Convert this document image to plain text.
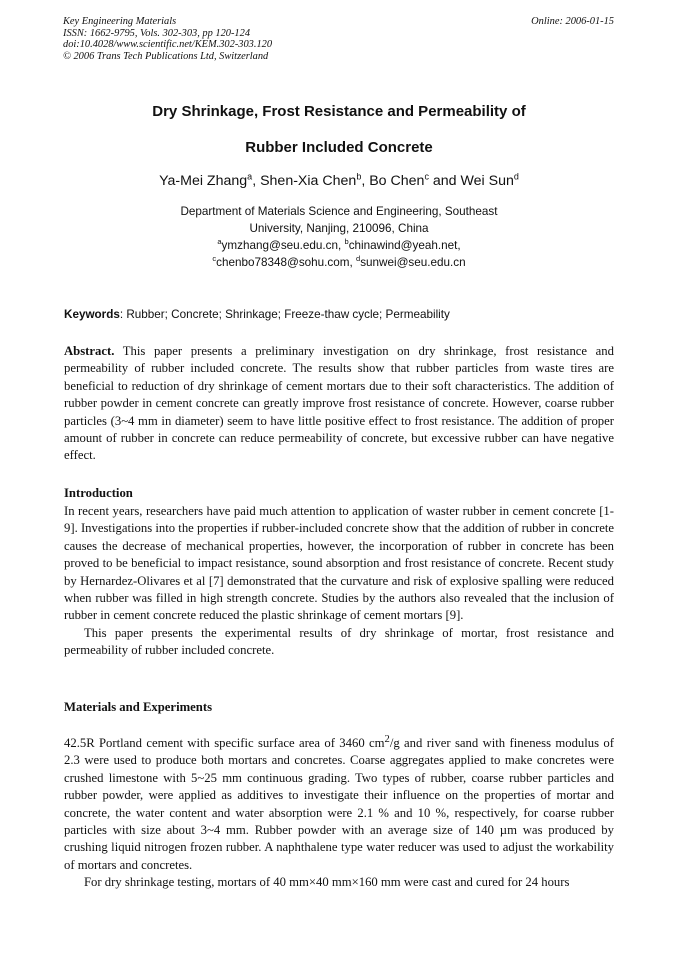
Key Engineering Materials
ISSN: 1662-9795, Vols. 302-303, pp 120-124
doi:10.4028/www.scientific.net/KEM.302-303.120
© 2006 Trans Tech Publications Ltd, Switzerland
Online: 2006-01-15
Dry Shrinkage, Frost Resistance and Permeability of
Rubber Included Concrete
Ya-Mei Zhang$^a$, Shen-Xia Chen$^b$, Bo Chen$^c$ and Wei Sun$^d$
Department of Materials Science and Engineering, Southeast
University, Nanjing, 210096, China
$^a$ymzhang@seu.edu.cn, $^b$chinawind@yeah.net,
$^c$chenbo78348@sohu.com, $^d$sunwei@seu.edu.cn
Keywords: Rubber; Concrete; Shrinkage; Freeze-thaw cycle; Permeability

Abstract. This paper presents a preliminary investigation on dry shrinkage, frost resistance and permeability of rubber included concrete. The results show that rubber particles from waste tires are beneficial to reduction of dry shrinkage of cement mortars due to their soft characteristics. The addition of rubber powder in cement concrete can greatly improve frost resistance of concrete. However, coarse rubber particles (3~4 mm in diameter) seem to have little positive effect to frost resistance. The addition of proper amount of rubber in concrete can reduce permeability of concrete, but excessive rubber can have negative effect.

Introduction

In recent years, researchers have paid much attention to application of waster rubber in cement concrete [1-9]. Investigations into the properties if rubber-included concrete show that the addition of rubber in concrete causes the decrease of mechanical properties, however, the incorporation of rubber in concrete has been proved to be beneficial to impact resistance, sound absorption and frost resistance of concrete. Recent study by Hernardez-Olivares et al [7] demonstrated that the curvature and risk of explosive spalling were reduced when rubber was filled in high strength concrete. Studies by the authors also revealed that the inclusion of rubber in cement concrete reduced the plastic shrinkage of cement mortars [9].

This paper presents the experimental results of dry shrinkage of mortar, frost resistance and permeability of rubber included concrete.

Materials and Experiments

42.5R Portland cement with specific surface area of 3460 $cm^2/g$ and river sand with fineness modulus of 2.3 were used to produce both mortars and concretes. Coarse aggregates applied to make concretes were crushed limestone with 5~25 mm continuous grading. Two types of rubber, coarse rubber particles and rubber powder, were applied as additives to investigate their influence on the properties of mortar and concrete, the water content and water absorption were 2.1 % and 10 %, respectively, for coarse rubber particles with size about 3~4 mm. Rubber powder with an average size of 140 µm was produced by crushing liquid nitrogen frozen rubber. A naphthalene type water reducer was used to adjust the workability of mortars and concretes.

For dry shrinkage testing, mortars of 40 mm×40 mm×160 mm were cast and cured for 24 hours
